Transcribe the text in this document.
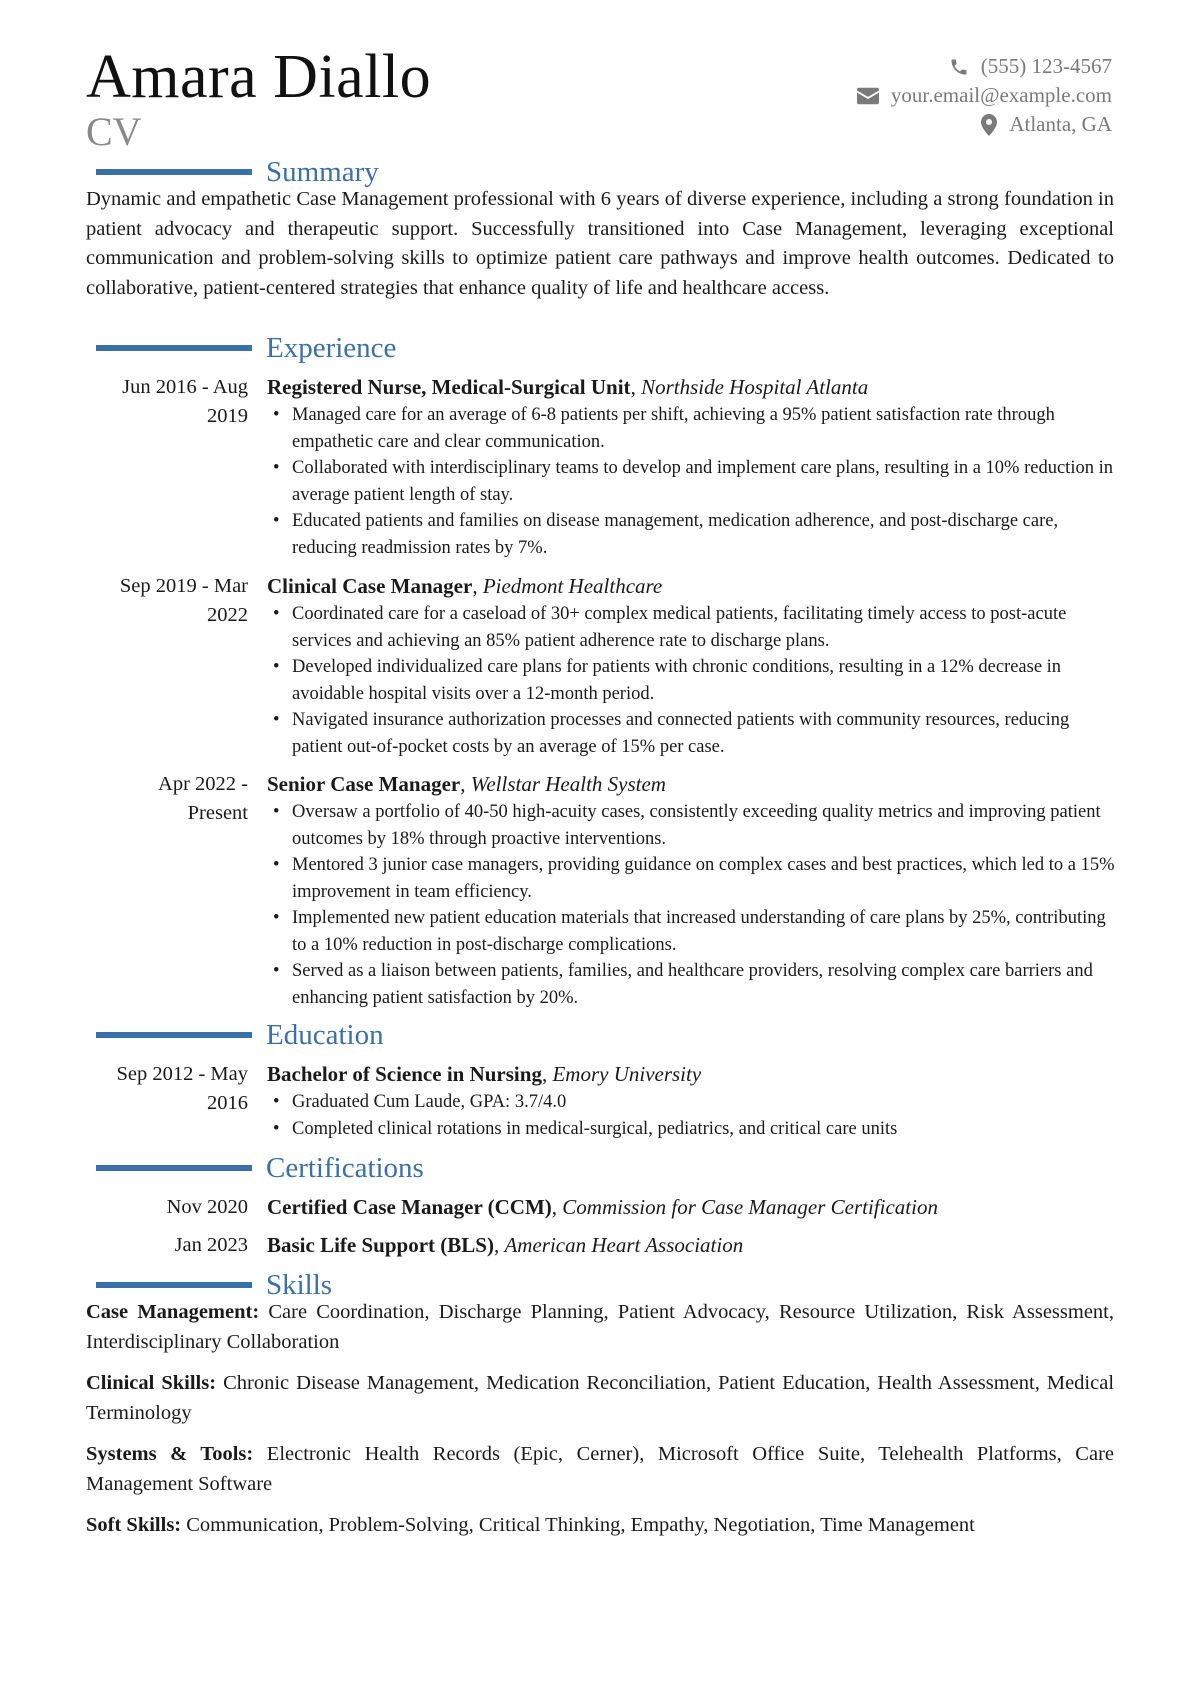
Amara Diallo
CV
(555) 123-4567
your.email@example.com
Atlanta, GA
Summary
Dynamic and empathetic Case Management professional with 6 years of diverse experience, including a strong foundation in patient advocacy and therapeutic support. Successfully transitioned into Case Management, leveraging exceptional communication and problem-solving skills to optimize patient care pathways and improve health outcomes. Dedicated to collaborative, patient-centered strategies that enhance quality of life and healthcare access.
Experience
Jun 2016 - Aug
2019
Registered Nurse, Medical-Surgical Unit, Northside Hospital Atlanta
• Managed care for an average of 6-8 patients per shift, achieving a 95% patient satisfaction rate through empathetic care and clear communication.
• Collaborated with interdisciplinary teams to develop and implement care plans, resulting in a 10% reduction in average patient length of stay.
• Educated patients and families on disease management, medication adherence, and post-discharge care, reducing readmission rates by 7%.
Sep 2019 - Mar
2022
Clinical Case Manager, Piedmont Healthcare
• Coordinated care for a caseload of 30+ complex medical patients, facilitating timely access to post-acute services and achieving an 85% patient adherence rate to discharge plans.
• Developed individualized care plans for patients with chronic conditions, resulting in a 12% decrease in avoidable hospital visits over a 12-month period.
• Navigated insurance authorization processes and connected patients with community resources, reducing patient out-of-pocket costs by an average of 15% per case.
Apr 2022 -
Present
Senior Case Manager, Wellstar Health System
• Oversaw a portfolio of 40-50 high-acuity cases, consistently exceeding quality metrics and improving patient outcomes by 18% through proactive interventions.
• Mentored 3 junior case managers, providing guidance on complex cases and best practices, which led to a 15% improvement in team efficiency.
• Implemented new patient education materials that increased understanding of care plans by 25%, contributing to a 10% reduction in post-discharge complications.
• Served as a liaison between patients, families, and healthcare providers, resolving complex care barriers and enhancing patient satisfaction by 20%.
Education
Sep 2012 - May
2016
Bachelor of Science in Nursing, Emory University
• Graduated Cum Laude, GPA: 3.7/4.0
• Completed clinical rotations in medical-surgical, pediatrics, and critical care units
Certifications
Nov 2020 Certified Case Manager (CCM), Commission for Case Manager Certification
Jan 2023 Basic Life Support (BLS), American Heart Association
Skills
Case Management: Care Coordination, Discharge Planning, Patient Advocacy, Resource Utilization, Risk Assessment, Interdisciplinary Collaboration
Clinical Skills: Chronic Disease Management, Medication Reconciliation, Patient Education, Health Assessment, Medical Terminology
Systems & Tools: Electronic Health Records (Epic, Cerner), Microsoft Office Suite, Telehealth Platforms, Care Management Software
Soft Skills: Communication, Problem-Solving, Critical Thinking, Empathy, Negotiation, Time Management
